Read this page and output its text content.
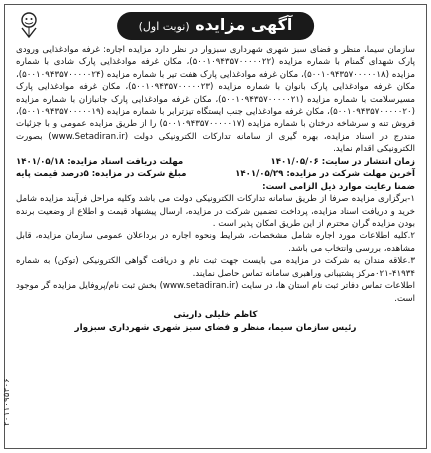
آگهی مزایده (نوبت اول)

سازمان سیما، منظر و فضای سبز شهری شهرداری سبزوار در نظر دارد مزایده اجاره: غرفه موادغذایی ورودی پارک شهدای گمنام با شماره مزایده (۵۰۰۱۰۹۴۳۵۷۰۰۰۰۰۲۲)، مکان غرفه موادغذایی پارک شادی با شماره مزایده (۵۰۰۱۰۹۴۳۵۷۰۰۰۰۰۱۸)، مکان غرفه موادغذایی پارک هفت تیر با شماره مزایده (۵۰۰۱۰۹۴۳۵۷۰۰۰۰۰۲۴)، مکان غرفه موادغذایی پارک بانوان با شماره مزایده (۵۰۰۱۰۹۴۳۵۷۰۰۰۰۰۲۳)، مکان غرفه موادغذایی پارک مسیرسلامت با شماره مزایده (۵۰۰۱۰۹۴۳۵۷۰۰۰۰۰۲۱)، مکان غرفه موادغذایی پارک جانبازان با شماره مزایده (۵۰۰۱۰۹۴۳۵۷۰۰۰۰۰۲۰)، مکان غرفه موادغذایی جنب ایستگاه تیزترابر با شماره مزایده (۵۰۰۱۰۹۴۳۵۷۰۰۰۰۰۱۹)، فروش تنه و سرشاخه درختان با شماره مزایده (۵۰۰۱۰۹۴۳۵۷۰۰۰۰۰۱۷) را از طریق مزایده عمومی و با جزئیات مندرج در اسناد مزایده، بهره گیری از سامانه تدارکات الکترونیکی دولت (www.Setadiran.ir) بصورت الکترونیکی اقدام نماید.

زمان انتشار در سایت: ۱۴۰۱/۰۵/۰۶
مهلت دریافت اسناد مزایده: ۱۴۰۱/۰۵/۱۸
آخرین مهلت شرکت در مزایده: ۱۴۰۱/۰۵/۲۹
مبلغ شرکت در مزایده: ۵درصد قیمت پایه

ضمنا رعایت موارد ذیل الزامی است:

۱-برگزاری مزایده صرفا از طریق سامانه تدارکات الکترونیکی دولت می باشد وکلیه مراحل فرآیند مزایده شامل خرید و دریافت اسناد مزایده، پرداخت تضمین شرکت در مزایده، ارسال پیشنهاد قیمت و اطلاع از وضعیت برنده بودن مزایده گران محترم از این طریق امکان پذیر است .

۲.کلیه اطلاعات مورد اجاره شامل مشخصات، شرایط ونحوه اجاره در برداعلان عمومی سازمان مزایده، قابل مشاهده، بررسی وانتخاب می باشد.

۳.علاقه مندان به شرکت در مزایده می بایست جهت ثبت نام و دریافت گواهی الکترونیکی (توکن) به شماره ۴۱۹۳۴-۰۲۱مرکز پشتیبانی وراهبری سامانه تماس حاصل نمایند.

اطلاعات تماس دفاتر ثبت نام استان ها، در سایت (www.setadiran.ir) بخش ثبت نام/پروفایل مزایده گر موجود است.

کاظم خلیلی داریتی
رئیس سازمان سیما، منظر و فضای سبز شهری شهرداری سبزوار
۲۰۱۱۰۹۵۳۰۶
